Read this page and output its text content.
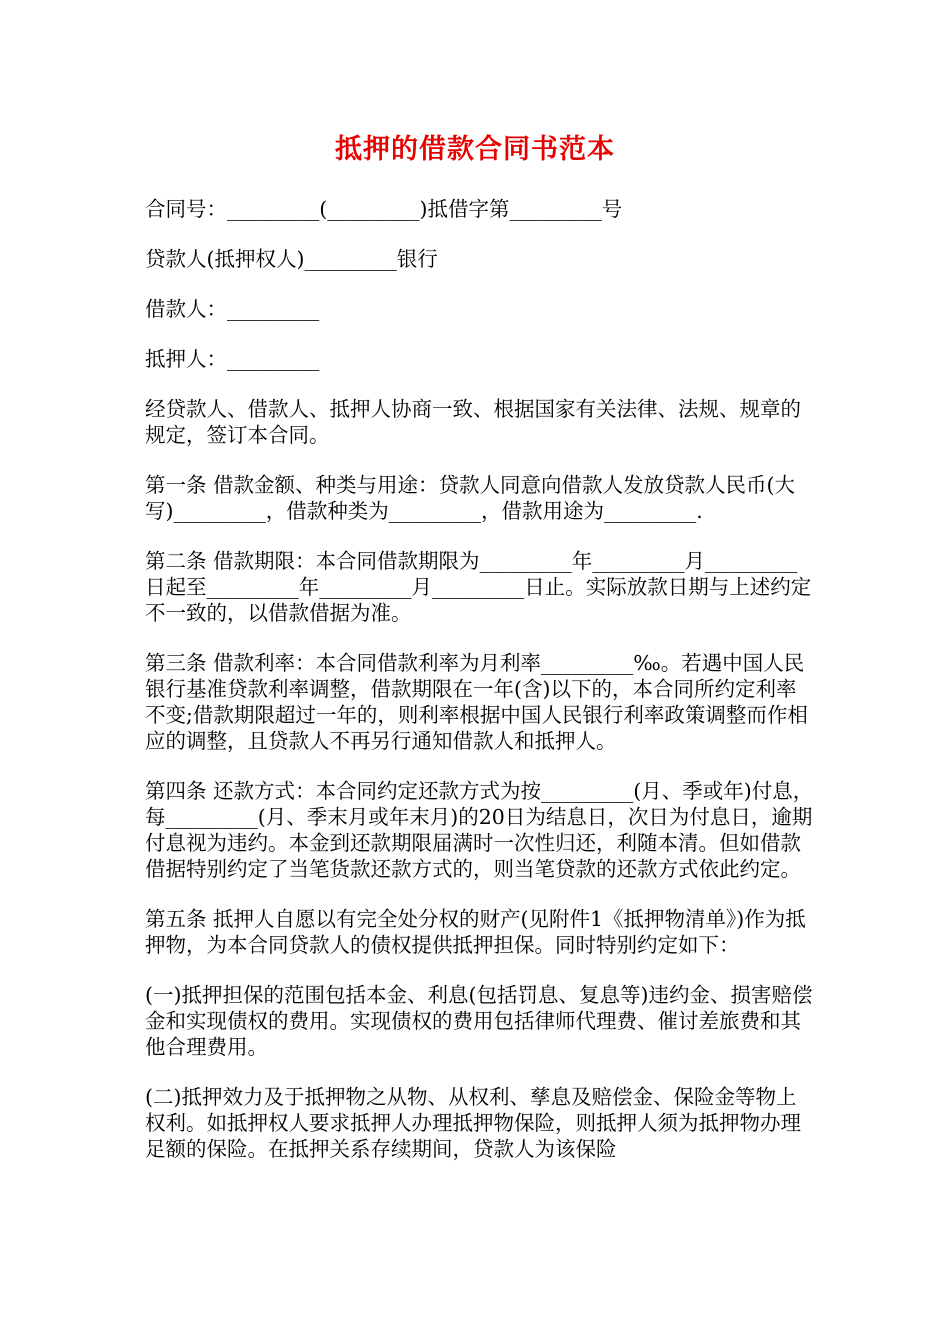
抵押的借款合同书范本

合同号：_________(_________)抵借字第_________号

贷款人(抵押权人)_________银行

借款人：_________

抵押人：_________

经贷款人、借款人、抵押人协商一致、根据国家有关法律、法规、规章的规定，签订本合同。

第一条 借款金额、种类与用途：贷款人同意向借款人发放贷款人民币(大写)_________，借款种类为_________，借款用途为_________.

第二条 借款期限：本合同借款期限为_________年_________月_________日起至_________年_________月_________日止。实际放款日期与上述约定不一致的，以借款借据为准。

第三条 借款利率：本合同借款利率为月利率_________‰。若遇中国人民银行基准贷款利率调整，借款期限在一年(含)以下的，本合同所约定利率不变;借款期限超过一年的，则利率根据中国人民银行利率政策调整而作相应的调整，且贷款人不再另行通知借款人和抵押人。

第四条 还款方式：本合同约定还款方式为按_________(月、季或年)付息，每_________(月、季末月或年末月)的20日为结息日，次日为付息日，逾期付息视为违约。本金到还款期限届满时一次性归还，利随本清。但如借款借据特别约定了当笔货款还款方式的，则当笔贷款的还款方式依此约定。

第五条 抵押人自愿以有完全处分权的财产(见附件1《抵押物清单》)作为抵押物，为本合同贷款人的债权提供抵押担保。同时特别约定如下：

(一)抵押担保的范围包括本金、利息(包括罚息、复息等)违约金、损害赔偿金和实现债权的费用。实现债权的费用包括律师代理费、催讨差旅费和其他合理费用。

(二)抵押效力及于抵押物之从物、从权利、孳息及赔偿金、保险金等物上权利。如抵押权人要求抵押人办理抵押物保险，则抵押人须为抵押物办理足额的保险。在抵押关系存续期间，贷款人为该保险
